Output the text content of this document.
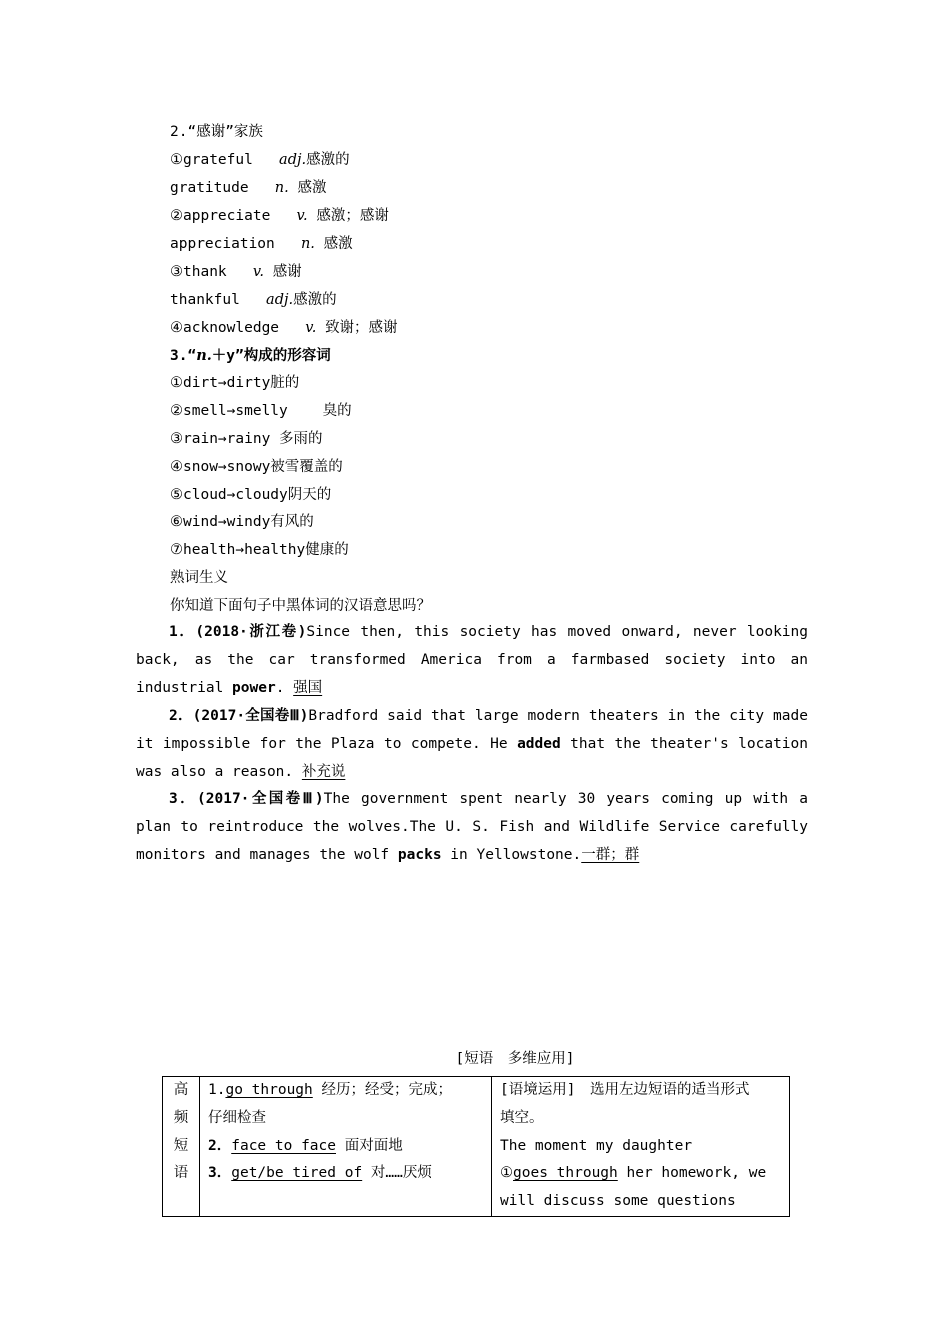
2.“感谢”家族
①grateful adj.感激的
gratitude n. 感激
②appreciate v. 感激；感谢
appreciation n. 感激
③thank v. 感谢
thankful adj.感激的
④acknowledge v. 致谢；感谢
3.“n.＋y”构成的形容词
①dirt→dirty脏的
②smell→smelly    臭的
③rain→rainy 多雨的
④snow→snowy被雪覆盖的
⑤cloud→cloudy阴天的
⑥wind→windy有风的
⑦health→healthy健康的
熟词生义
你知道下面句子中黑体词的汉语意思吗？
1．(2018·浙江卷)Since then, this society has moved onward, never looking back, as the car transformed America from a farmbased society into an industrial power. 强国
2．(2017·全国卷Ⅲ)Bradford said that large modern theaters in the city made it impossible for the Plaza to compete. He added that the theater's location was also a reason. 补充说
3．(2017·全国卷Ⅲ)The government spent nearly 30 years coming up with a plan to reintroduce the wolves.The U. S. Fish and Wildlife Service carefully monitors and manages the wolf packs in Yellowstone.一群；群
[短语　多维应用]
高
频
短
语

1.go through 经历；经受；完成；
仔细检查
2．face to face 面对面地
3．get/be tired of 对……厌烦

[语境运用]　选用左边短语的适当形式
填空。
The moment my daughter
①goes through her homework, we
will discuss some questions
